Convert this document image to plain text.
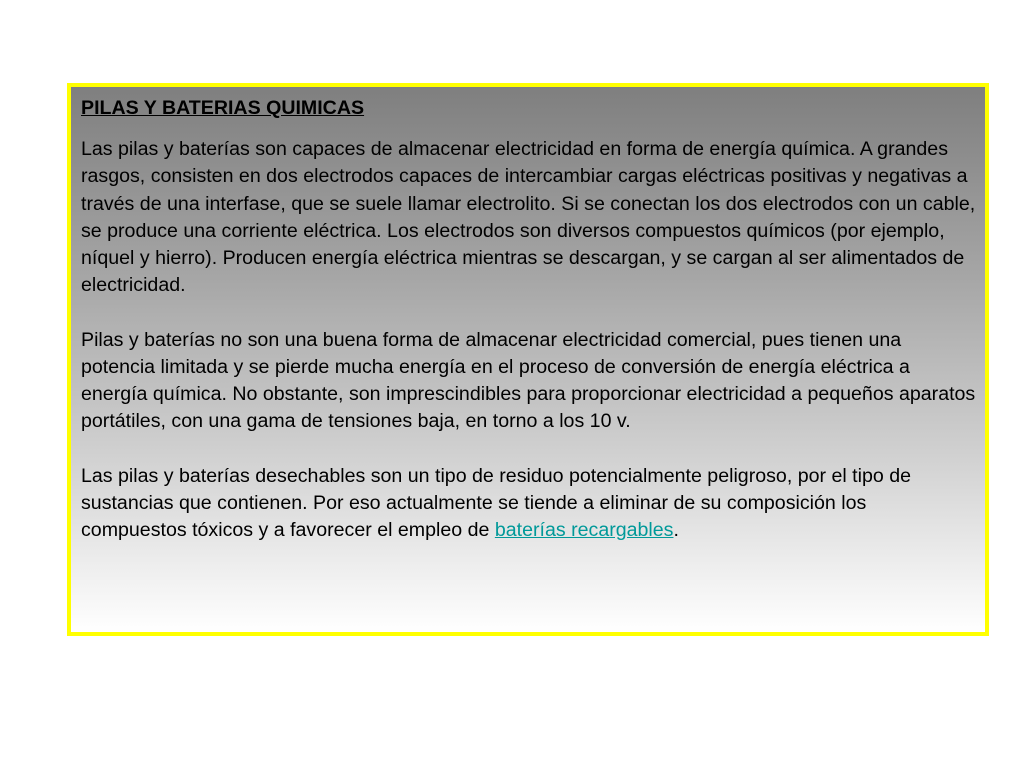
PILAS Y BATERIAS QUIMICAS

Las pilas y baterías son capaces de almacenar electricidad en forma de energía química. A grandes rasgos, consisten en dos electrodos capaces de intercambiar cargas eléctricas positivas y negativas a través de una interfase, que se suele llamar electrolito. Si se conectan los dos electrodos con un cable, se produce una corriente eléctrica. Los electrodos son diversos compuestos químicos (por ejemplo, níquel y hierro). Producen energía eléctrica mientras se descargan, y se cargan al ser alimentados de electricidad.

Pilas y baterías no son una buena forma de almacenar electricidad comercial, pues tienen una potencia limitada y se pierde mucha energía en el proceso de conversión de energía eléctrica a energía química. No obstante, son imprescindibles para proporcionar electricidad a pequeños aparatos portátiles, con una gama de tensiones baja, en torno a los 10 v.

Las pilas y baterías desechables son un tipo de residuo potencialmente peligroso, por el tipo de sustancias que contienen. Por eso actualmente se tiende a eliminar de su composición los compuestos tóxicos y a favorecer el empleo de baterías recargables.
